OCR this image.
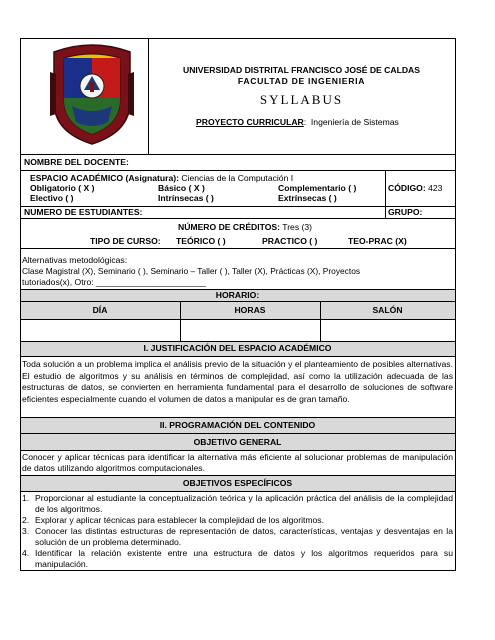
UNIVERSIDAD DISTRITAL FRANCISCO JOSÉ DE CALDAS
FACULTAD DE INGENIERIA
SYLLABUS
PROYECTO CURRICULAR:  Ingeniería de Sistemas
NOMBRE DEL DOCENTE:
ESPACIO ACADÉMICO (Asignatura): Ciencias de la Computación I
Obligatorio ( X )	Básico ( X )	Complementario ( )
Electivo ( )	Intrínsecas ( )	Extrínsecas ( )
CÓDIGO: 423
NUMERO DE ESTUDIANTES:	GRUPO:
NÚMERO DE CRÉDITOS: Tres (3)
TIPO DE CURSO: TEÓRICO ( )	PRACTICO ( )	TEO-PRAC (X)
Alternativas metodológicas:
Clase Magistral (X), Seminario ( ), Seminario – Taller ( ), Taller (X), Prácticas (X), Proyectos
tutoriados(x), Otro: _______________________
HORARIO:
DÍA	HORAS	SALÓN
I. JUSTIFICACIÓN DEL ESPACIO ACADÉMICO
Toda solución a un problema implica el análisis previo de la situación y el planteamiento de posibles alternativas. El estudio de algoritmos y su análisis en términos de complejidad, así como la utilización adecuada de las estructuras de datos, se convierten en herramienta fundamental para el desarrollo de soluciones de software eficientes especialmente cuando el volumen de datos a manipular es de gran tamaño.
II. PROGRAMACIÓN DEL CONTENIDO
OBJETIVO GENERAL
Conocer y aplicar técnicas para identificar la alternativa más eficiente al solucionar problemas de manipulación de datos utilizando algoritmos computacionales.
OBJETIVOS ESPECÍFICOS
1. Proporcionar al estudiante la conceptualización teórica y la aplicación práctica del análisis de la complejidad de los algoritmos.
2. Explorar y aplicar técnicas para establecer la complejidad de los algoritmos.
3. Conocer las distintas estructuras de representación de datos, características, ventajas y desventajas en la solución de un problema determinado.
4. Identificar la relación existente entre una estructura de datos y los algoritmos requeridos para su manipulación.
